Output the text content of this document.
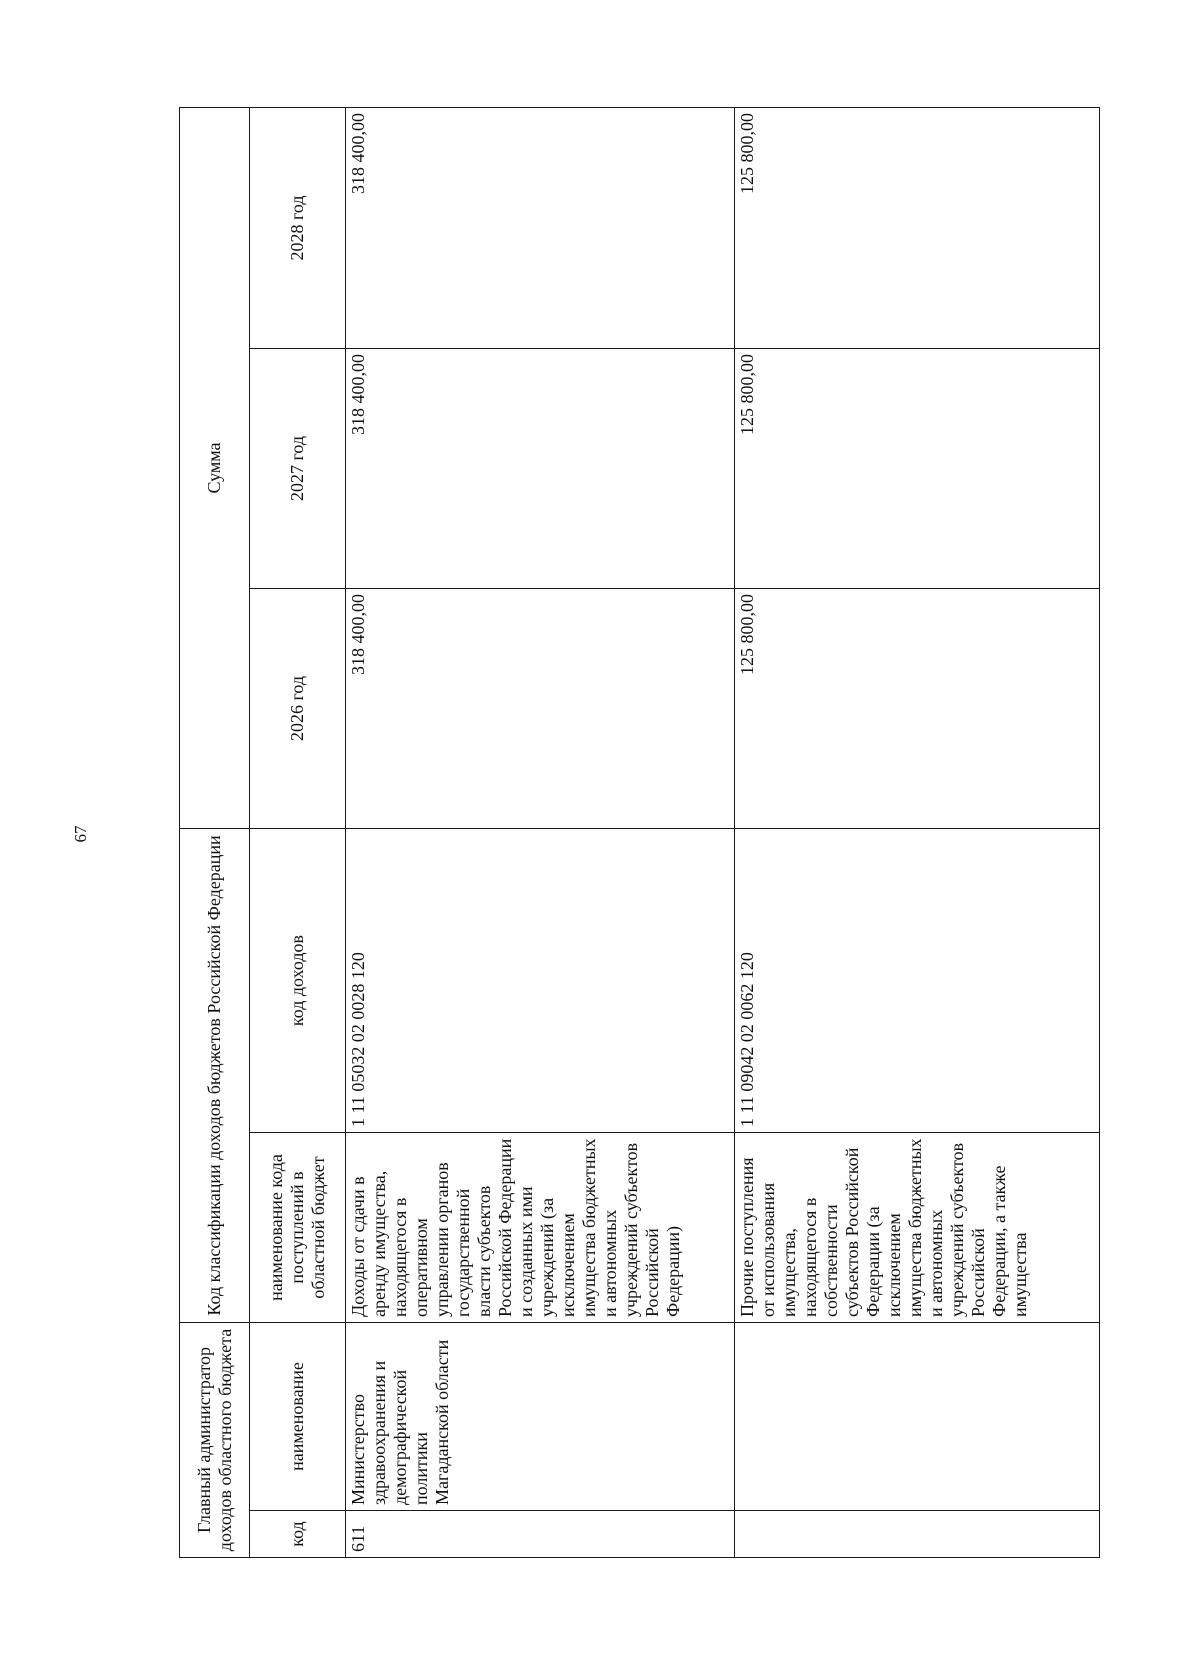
67
Главный администратор доходов областного бюджета		Код классификации доходов бюджетов Российской Федерации		Сумма		
код	наименование	наименование кода поступлений в областной бюджет	код доходов	2026 год	2027 год	2028 год
611	Министерство здравоохранения и демографической политики Магаданской области	Доходы от сдачи в аренду имущества, находящегося в оперативном управлении органов государственной власти субъектов Российской Федерации и созданных ими учреждений (за исключением имущества бюджетных и автономных учреждений субъектов Российской Федерации)	1 11 05032 02 0028 120	318 400,00	318 400,00	318 400,00
		Прочие поступления от использования имущества, находящегося в собственности субъектов Российской Федерации (за исключением имущества бюджетных и автономных учреждений субъектов Российской Федерации, а также имущества	1 11 09042 02 0062 120	125 800,00	125 800,00	125 800,00
